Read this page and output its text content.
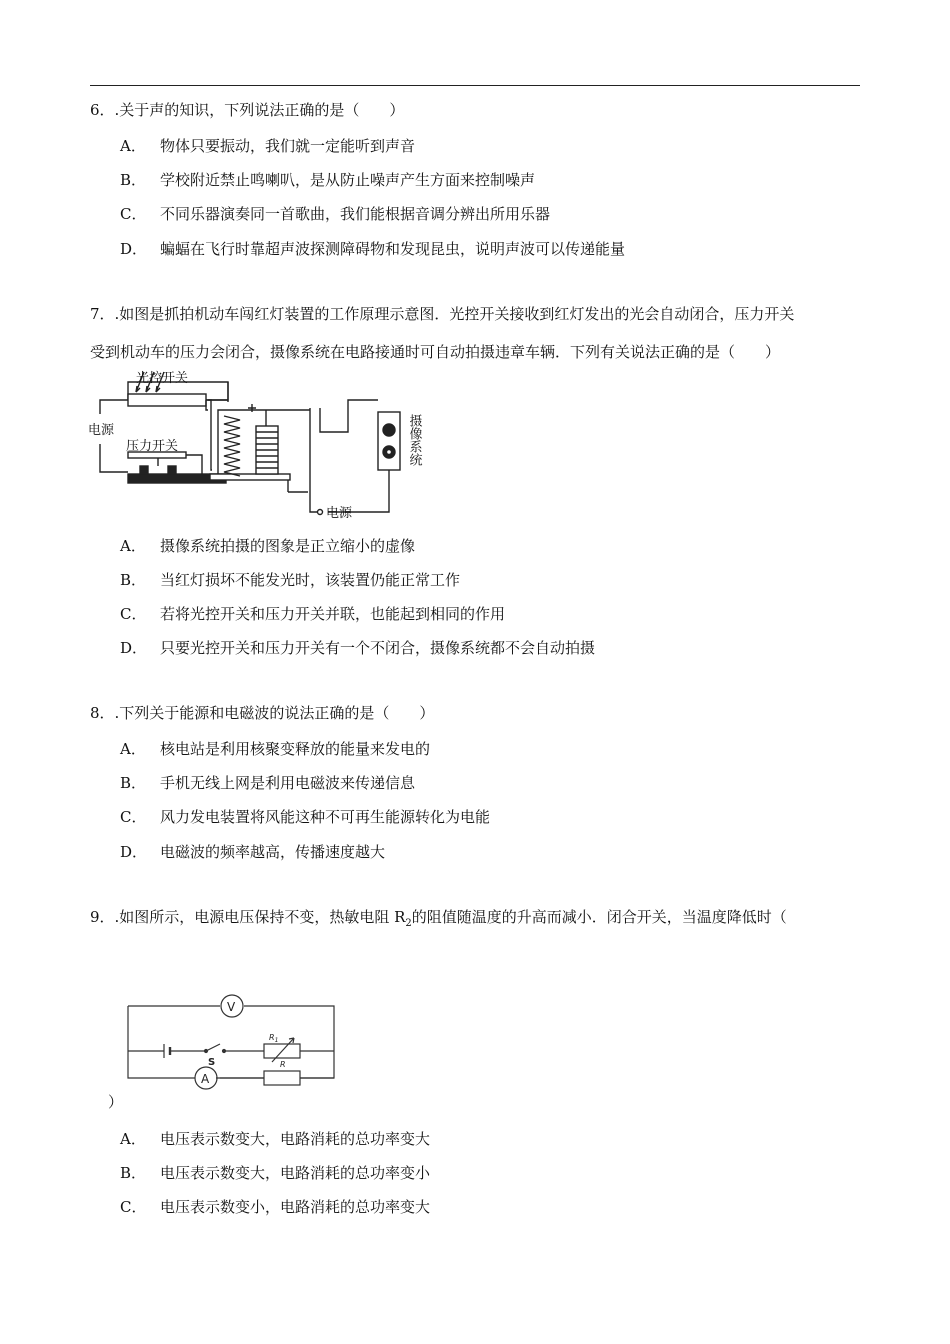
6．.关于声的知识，下列说法正确的是（　　）
A． 物体只要振动，我们就一定能听到声音
B． 学校附近禁止鸣喇叭，是从防止噪声产生方面来控制噪声
C． 不同乐器演奏同一首歌曲，我们能根据音调分辨出所用乐器
D． 蝙蝠在飞行时靠超声波探测障碍物和发现昆虫，说明声波可以传递能量
7．.如图是抓拍机动车闯红灯装置的工作原理示意图．光控开关接收到红灯发出的光会自动闭合，压力开关
受到机动车的压力会闭合，摄像系统在电路接通时可自动拍摄违章车辆．下列有关说法正确的是（　　）
光控开关
电源
压力开关
电源
摄像系统
A． 摄像系统拍摄的图象是正立缩小的虚像
B． 当红灯损坏不能发光时，该装置仍能正常工作
C． 若将光控开关和压力开关并联，也能起到相同的作用
D． 只要光控开关和压力开关有一个不闭合，摄像系统都不会自动拍摄
8．.下列关于能源和电磁波的说法正确的是（　　）
A． 核电站是利用核聚变释放的能量来发电的
B． 手机无线上网是利用电磁波来传递信息
C． 风力发电装置将风能这种不可再生能源转化为电能
D． 电磁波的频率越高，传播速度越大
9．.如图所示，电源电压保持不变，热敏电阻 $R_2$的阻值随温度的升高而减小．闭合开关，当温度降低时（
V
A
S
$R_1$
R
）
A． 电压表示数变大，电路消耗的总功率变大
B． 电压表示数变大，电路消耗的总功率变小
C． 电压表示数变小，电路消耗的总功率变大
